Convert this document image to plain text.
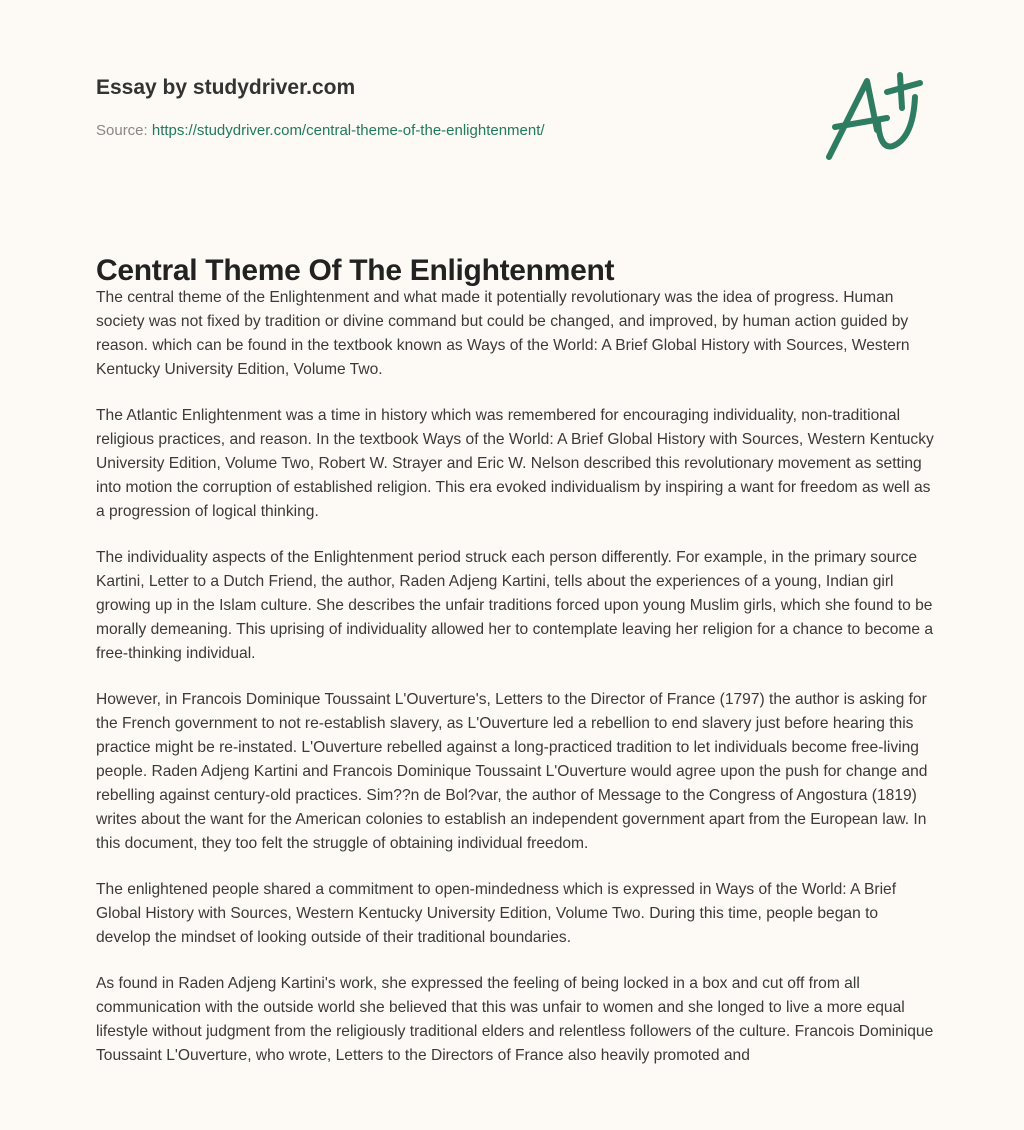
Essay by studydriver.com

Source: https://studydriver.com/central-theme-of-the-enlightenment/
Central Theme Of The Enlightenment

The central theme of the Enlightenment and what made it potentially revolutionary was the idea of progress. Human society was not fixed by tradition or divine command but could be changed, and improved, by human action guided by reason. which can be found in the textbook known as Ways of the World: A Brief Global History with Sources, Western Kentucky University Edition, Volume Two.

The Atlantic Enlightenment was a time in history which was remembered for encouraging individuality, non-traditional religious practices, and reason. In the textbook Ways of the World: A Brief Global History with Sources, Western Kentucky University Edition, Volume Two, Robert W. Strayer and Eric W. Nelson described this revolutionary movement as setting into motion the corruption of established religion. This era evoked individualism by inspiring a want for freedom as well as a progression of logical thinking.

The individuality aspects of the Enlightenment period struck each person differently. For example, in the primary source Kartini, Letter to a Dutch Friend, the author, Raden Adjeng Kartini, tells about the experiences of a young, Indian girl growing up in the Islam culture. She describes the unfair traditions forced upon young Muslim girls, which she found to be morally demeaning. This uprising of individuality allowed her to contemplate leaving her religion for a chance to become a free-thinking individual.

However, in Francois Dominique Toussaint L'Ouverture's, Letters to the Director of France (1797) the author is asking for the French government to not re-establish slavery, as L'Ouverture led a rebellion to end slavery just before hearing this practice might be re-instated. L'Ouverture rebelled against a long-practiced tradition to let individuals become free-living people. Raden Adjeng Kartini and Francois Dominique Toussaint L'Ouverture would agree upon the push for change and rebelling against century-old practices. Sim??n de Bol?var, the author of Message to the Congress of Angostura (1819) writes about the want for the American colonies to establish an independent government apart from the European law. In this document, they too felt the struggle of obtaining individual freedom.

The enlightened people shared a commitment to open-mindedness which is expressed in Ways of the World: A Brief Global History with Sources, Western Kentucky University Edition, Volume Two. During this time, people began to develop the mindset of looking outside of their traditional boundaries.

As found in Raden Adjeng Kartini's work, she expressed the feeling of being locked in a box and cut off from all communication with the outside world she believed that this was unfair to women and she longed to live a more equal lifestyle without judgment from the religiously traditional elders and relentless followers of the culture. Francois Dominique Toussaint L'Ouverture, who wrote, Letters to the Directors of France also heavily promoted and
